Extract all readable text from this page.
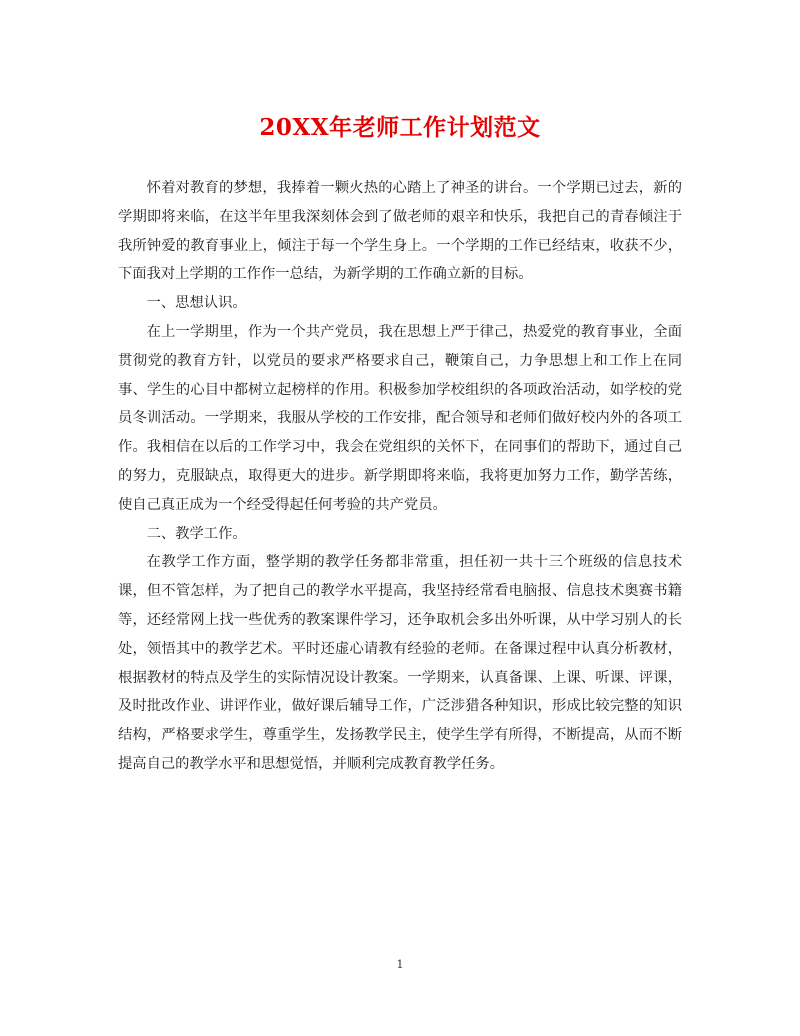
20XX年老师工作计划范文

怀着对教育的梦想，我捧着一颗火热的心踏上了神圣的讲台。一个学期已过去，新的学期即将来临，在这半年里我深刻体会到了做老师的艰辛和快乐，我把自己的青春倾注于我所钟爱的教育事业上，倾注于每一个学生身上。一个学期的工作已经结束，收获不少，下面我对上学期的工作作一总结，为新学期的工作确立新的目标。

一、思想认识。

在上一学期里，作为一个共产党员，我在思想上严于律己，热爱党的教育事业，全面贯彻党的教育方针，以党员的要求严格要求自己，鞭策自己，力争思想上和工作上在同事、学生的心目中都树立起榜样的作用。积极参加学校组织的各项政治活动，如学校的党员冬训活动。一学期来，我服从学校的工作安排，配合领导和老师们做好校内外的各项工作。我相信在以后的工作学习中，我会在党组织的关怀下，在同事们的帮助下，通过自己的努力，克服缺点，取得更大的进步。新学期即将来临，我将更加努力工作，勤学苦练，使自己真正成为一个经受得起任何考验的共产党员。

二、教学工作。

在教学工作方面，整学期的教学任务都非常重，担任初一共十三个班级的信息技术课，但不管怎样，为了把自己的教学水平提高，我坚持经常看电脑报、信息技术奥赛书籍等，还经常网上找一些优秀的教案课件学习，还争取机会多出外听课，从中学习别人的长处，领悟其中的教学艺术。平时还虚心请教有经验的老师。在备课过程中认真分析教材，根据教材的特点及学生的实际情况设计教案。一学期来，认真备课、上课、听课、评课，及时批改作业、讲评作业，做好课后辅导工作，广泛涉猎各种知识，形成比较完整的知识结构，严格要求学生，尊重学生，发扬教学民主，使学生学有所得，不断提高，从而不断提高自己的教学水平和思想觉悟，并顺利完成教育教学任务。

1
